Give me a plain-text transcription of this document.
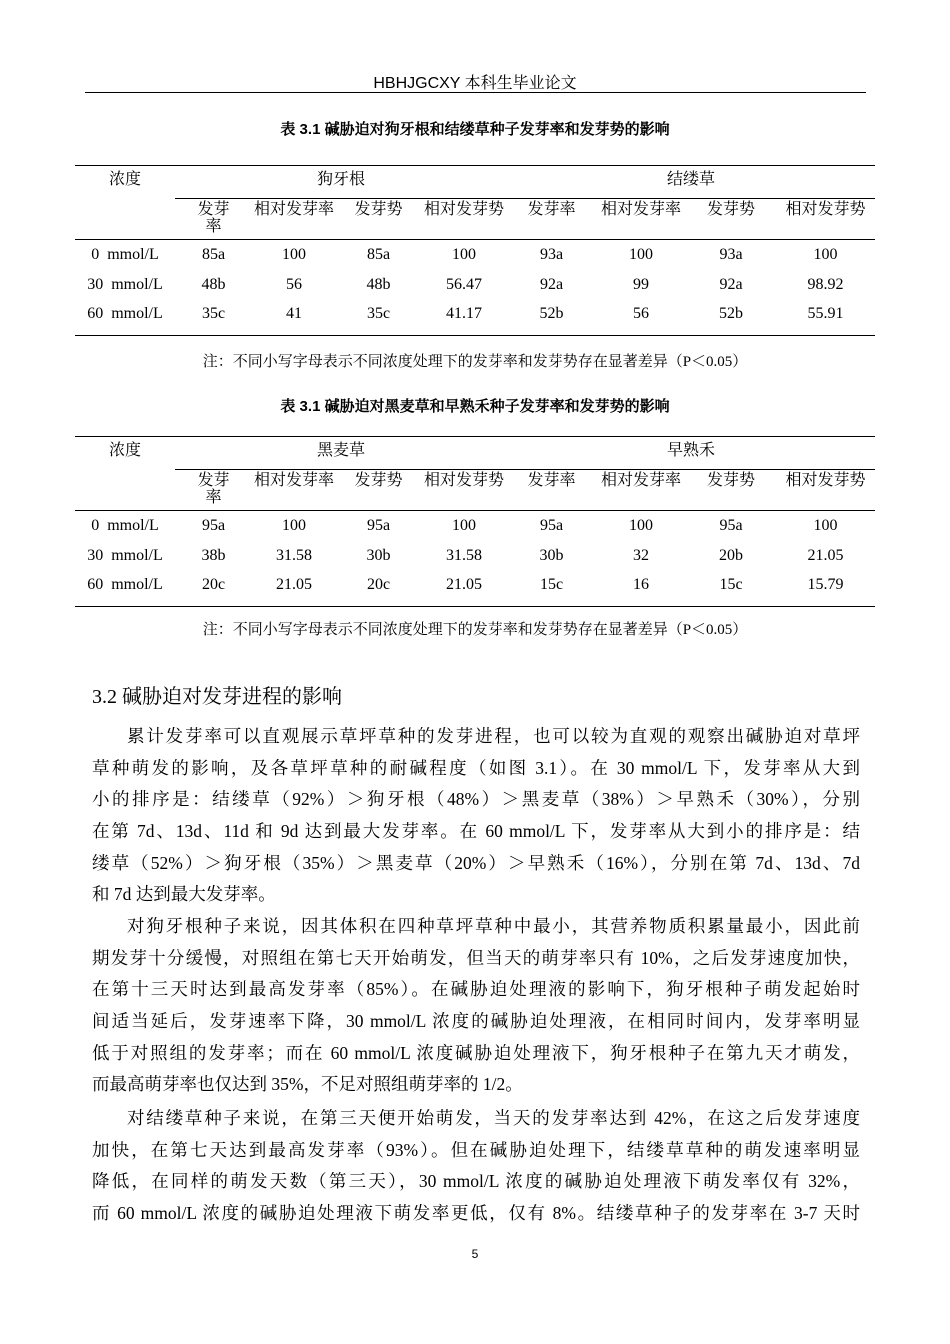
HBHJGCXY 本科生毕业论文
表 3.1 碱胁迫对狗牙根和结缕草种子发芽率和发芽势的影响
浓度	狗牙根				结缕草			
	发芽率	相对发芽率	发芽势	相对发芽势	发芽率	相对发芽率	发芽势	相对发芽势
0  mmol/L	85a	100	85a	100	93a	100	93a	100
30  mmol/L	48b	56	48b	56.47	92a	99	92a	98.92
60  mmol/L	35c	41	35c	41.17	52b	56	52b	55.91
注：不同小写字母表示不同浓度处理下的发芽率和发芽势存在显著差异（P＜0.05）
表 3.1 碱胁迫对黑麦草和早熟禾种子发芽率和发芽势的影响
浓度	黑麦草				早熟禾			
	发芽率	相对发芽率	发芽势	相对发芽势	发芽率	相对发芽率	发芽势	相对发芽势
0  mmol/L	95a	100	95a	100	95a	100	95a	100
30  mmol/L	38b	31.58	30b	31.58	30b	32	20b	21.05
60  mmol/L	20c	21.05	20c	21.05	15c	16	15c	15.79
注：不同小写字母表示不同浓度处理下的发芽率和发芽势存在显著差异（P＜0.05）
3.2 碱胁迫对发芽进程的影响
累计发芽率可以直观展示草坪草种的发芽进程，也可以较为直观的观察出碱胁迫对草坪
草种萌发的影响，及各草坪草种的耐碱程度（如图 3.1）。在 30 mmol/L 下，发芽率从大到
小的排序是：结缕草（92%）＞狗牙根（48%）＞黑麦草（38%）＞早熟禾（30%），分别
在第 7d、13d、11d 和 9d 达到最大发芽率。在 60 mmol/L 下，发芽率从大到小的排序是：结
缕草（52%）＞狗牙根（35%）＞黑麦草（20%）＞早熟禾（16%），分别在第 7d、13d、7d
和 7d 达到最大发芽率。
对狗牙根种子来说，因其体积在四种草坪草种中最小，其营养物质积累量最小，因此前
期发芽十分缓慢，对照组在第七天开始萌发，但当天的萌芽率只有 10%，之后发芽速度加快，
在第十三天时达到最高发芽率（85%）。在碱胁迫处理液的影响下，狗牙根种子萌发起始时
间适当延后，发芽速率下降，30 mmol/L 浓度的碱胁迫处理液，在相同时间内，发芽率明显
低于对照组的发芽率；而在 60 mmol/L 浓度碱胁迫处理液下，狗牙根种子在第九天才萌发，
而最高萌芽率也仅达到 35%，不足对照组萌芽率的 1/2。
对结缕草种子来说，在第三天便开始萌发，当天的发芽率达到 42%，在这之后发芽速度
加快，在第七天达到最高发芽率（93%）。但在碱胁迫处理下，结缕草草种的萌发速率明显
降低，在同样的萌发天数（第三天），30 mmol/L 浓度的碱胁迫处理液下萌发率仅有 32%，
而 60 mmol/L 浓度的碱胁迫处理液下萌发率更低，仅有 8%。结缕草种子的发芽率在 3-7 天时
5
